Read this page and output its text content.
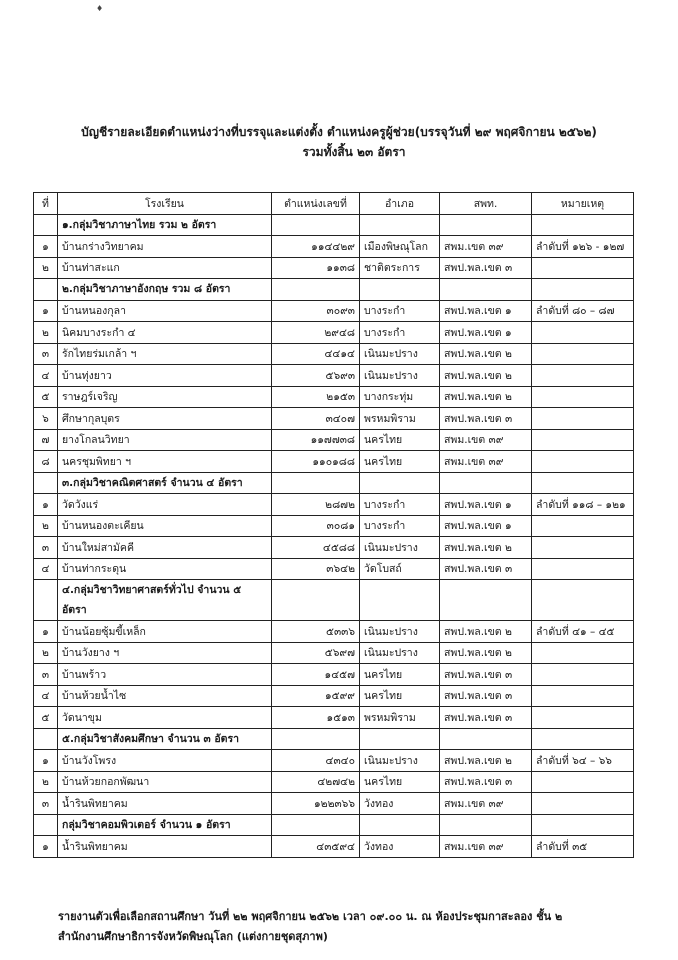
♦
บัญชีรายละเอียดตำแหน่งว่างที่บรรจุและแต่งตั้ง ตำแหน่งครูผู้ช่วย(บรรจุวันที่ ๒๙ พฤศจิกายน ๒๕๖๒)
รวมทั้งสิ้น ๒๓ อัตรา
ที่	โรงเรียน	ตำแหน่งเลขที่	อำเภอ	สพท.	หมายเหตุ
	๑.กลุ่มวิชาภาษาไทย รวม ๒ อัตรา				
๑	บ้านกร่างวิทยาคม	๑๑๔๔๒๙	เมืองพิษณุโลก	สพม.เขต ๓๙	ลำดับที่ ๑๒๖ - ๑๒๗
๒	บ้านท่าสะแก	๑๑๓๘	ชาติตระการ	สพป.พล.เขต ๓	
	๒.กลุ่มวิชาภาษาอังกฤษ รวม ๘ อัตรา				
๑	บ้านหนองกุลา	๓๐๙๓	บางระกำ	สพป.พล.เขต ๑	ลำดับที่ ๘๐ – ๘๗
๒	นิคมบางระกำ ๔	๒๙๔๘	บางระกำ	สพป.พล.เขต ๑	
๓	รักไทยร่มเกล้า ฯ	๔๔๑๔	เนินมะปราง	สพป.พล.เขต ๒	
๔	บ้านทุ่งยาว	๕๖๙๓	เนินมะปราง	สพป.พล.เขต ๒	
๕	ราษฎร์เจริญ	๒๑๕๓	บางกระทุ่ม	สพป.พล.เขต ๒	
๖	ศึกษากุลบุตร	๓๔๐๗	พรหมพิราม	สพป.พล.เขต ๓	
๗	ยางโกลนวิทยา	๑๑๗๗๓๘	นครไทย	สพม.เขต ๓๙	
๘	นครชุมพิทยา ฯ	๑๑๐๑๘๘	นครไทย	สพม.เขต ๓๙	
	๓.กลุ่มวิชาคณิตศาสตร์ จำนวน ๔ อัตรา				
๑	วัดวังแร่	๒๘๗๒	บางระกำ	สพป.พล.เขต ๑	ลำดับที่ ๑๑๘ – ๑๒๑
๒	บ้านหนองตะเคียน	๓๐๘๑	บางระกำ	สพป.พล.เขต ๑	
๓	บ้านใหม่สามัคคี	๔๕๘๘	เนินมะปราง	สพป.พล.เขต ๒	
๔	บ้านท่ากระดุน	๓๖๔๒	วัดโบสถ์	สพป.พล.เขต ๓	
	๔.กลุ่มวิชาวิทยาศาสตร์ทั่วไป จำนวน ๕ อัตรา				
๑	บ้านน้อยซุ้มขี้เหล็ก	๕๓๓๖	เนินมะปราง	สพป.พล.เขต ๒	ลำดับที่ ๔๑ – ๔๕
๒	บ้านวังยาง ฯ	๕๖๙๗	เนินมะปราง	สพป.พล.เขต ๒	
๓	บ้านพร้าว	๑๔๕๗	นครไทย	สพป.พล.เขต ๓	
๔	บ้านห้วยน้ำไซ	๑๕๙๙	นครไทย	สพป.พล.เขต ๓	
๕	วัดนาขุม	๑๕๑๓	พรหมพิราม	สพป.พล.เขต ๓	
	๕.กลุ่มวิชาสังคมศึกษา จำนวน ๓ อัตรา				
๑	บ้านวังโพรง	๔๓๔๐	เนินมะปราง	สพป.พล.เขต ๒	ลำดับที่ ๖๔ – ๖๖
๒	บ้านห้วยกอกพัฒนา	๔๒๗๔๒	นครไทย	สพป.พล.เขต ๓	
๓	น้ำรินพิทยาคม	๑๒๒๓๖๖	วังทอง	สพม.เขต ๓๙	
	กลุ่มวิชาคอมพิวเตอร์ จำนวน ๑ อัตรา				
๑	น้ำรินพิทยาคม	๔๓๕๙๔	วังทอง	สพม.เขต ๓๙	ลำดับที่ ๓๕
รายงานตัวเพื่อเลือกสถานศึกษา วันที่ ๒๒ พฤศจิกายน ๒๕๖๒ เวลา ๐๙.๐๐ น. ณ ห้องประชุมกาสะลอง ชั้น ๒
สำนักงานศึกษาธิการจังหวัดพิษณุโลก (แต่งกายชุดสุภาพ)
